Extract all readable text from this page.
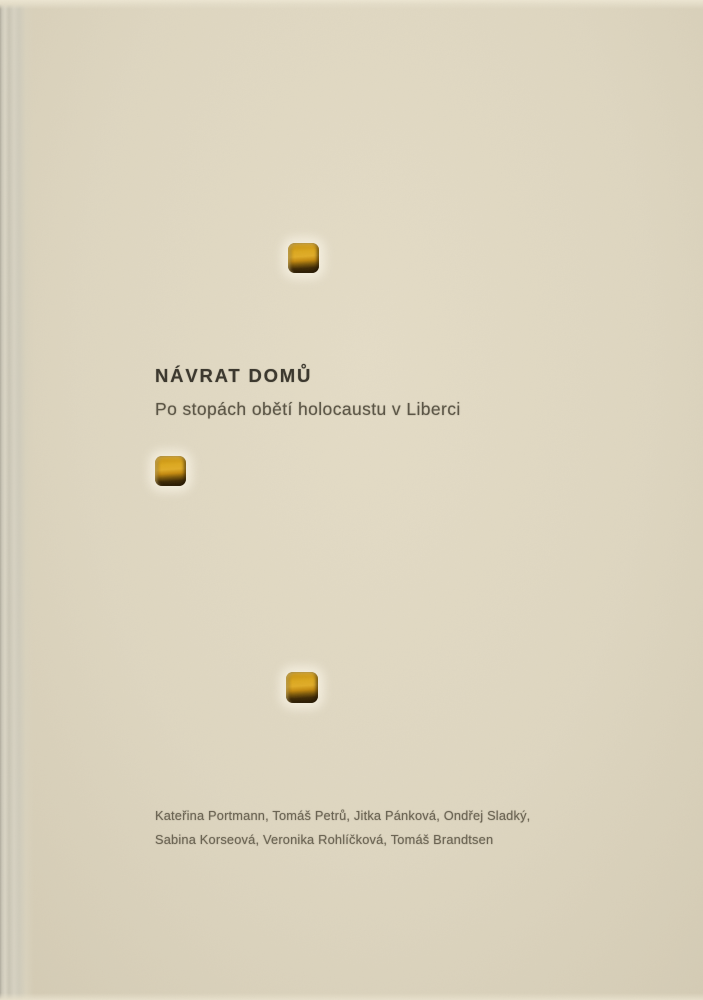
NÁVRAT DOMŮ

Po stopách obětí holocaustu v Liberci

Kateřina Portmann, Tomáš Petrů, Jitka Pánková, Ondřej Sladký,
Sabina Korseová, Veronika Rohlíčková, Tomáš Brandtsen
